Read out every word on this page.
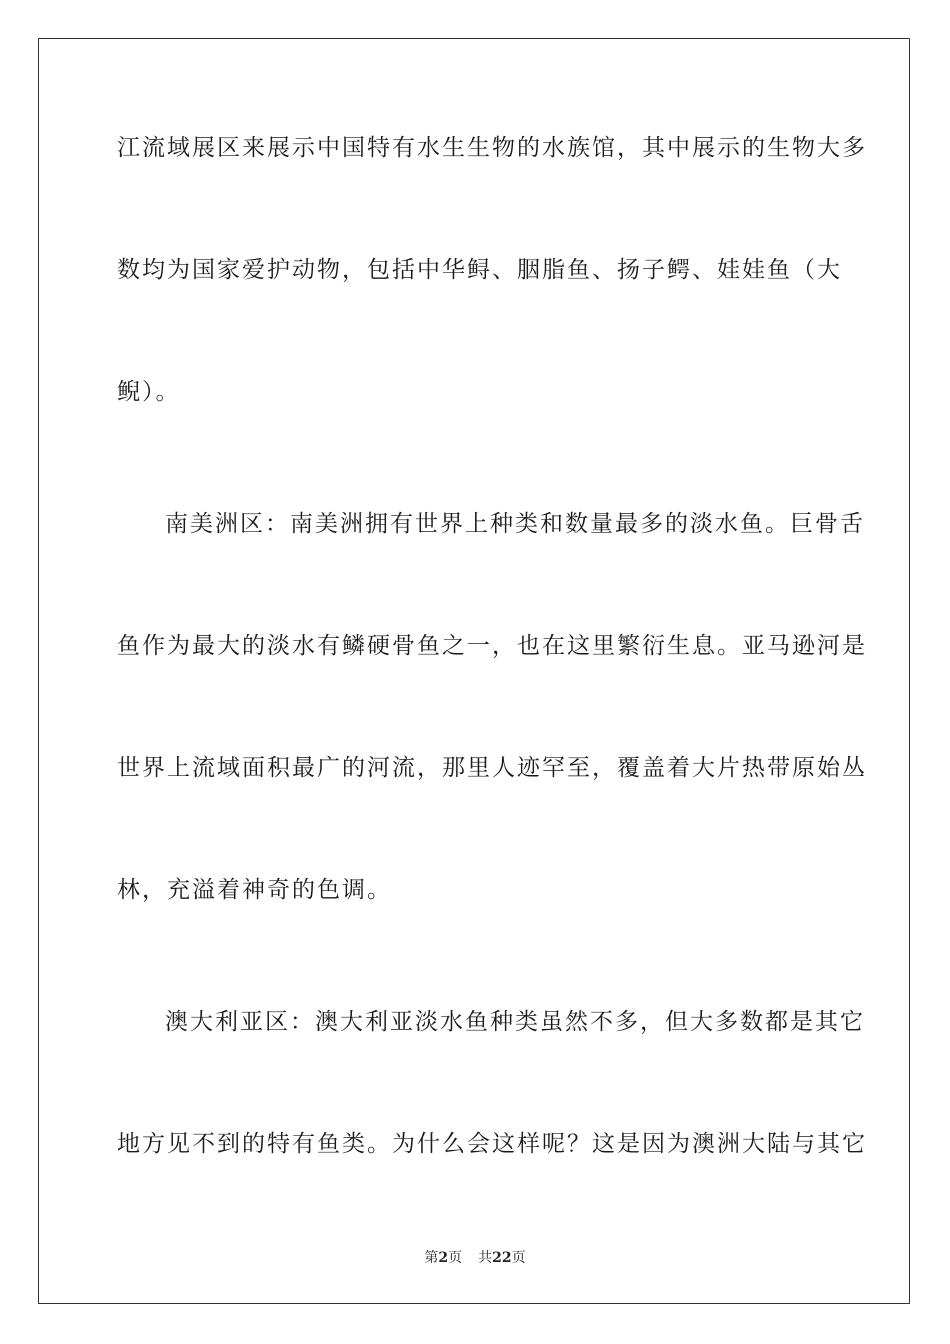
江流域展区来展示中国特有水生生物的水族馆，其中展示的生物大多
数均为国家爱护动物，包括中华鲟、胭脂鱼、扬子鳄、娃娃鱼（大
鲵）。
南美洲区：南美洲拥有世界上种类和数量最多的淡水鱼。巨骨舌
鱼作为最大的淡水有鳞硬骨鱼之一，也在这里繁衍生息。亚马逊河是
世界上流域面积最广的河流，那里人迹罕至，覆盖着大片热带原始丛
林，充溢着神奇的色调。
澳大利亚区：澳大利亚淡水鱼种类虽然不多，但大多数都是其它
地方见不到的特有鱼类。为什么会这样呢？这是因为澳洲大陆与其它
第2页 共22页
